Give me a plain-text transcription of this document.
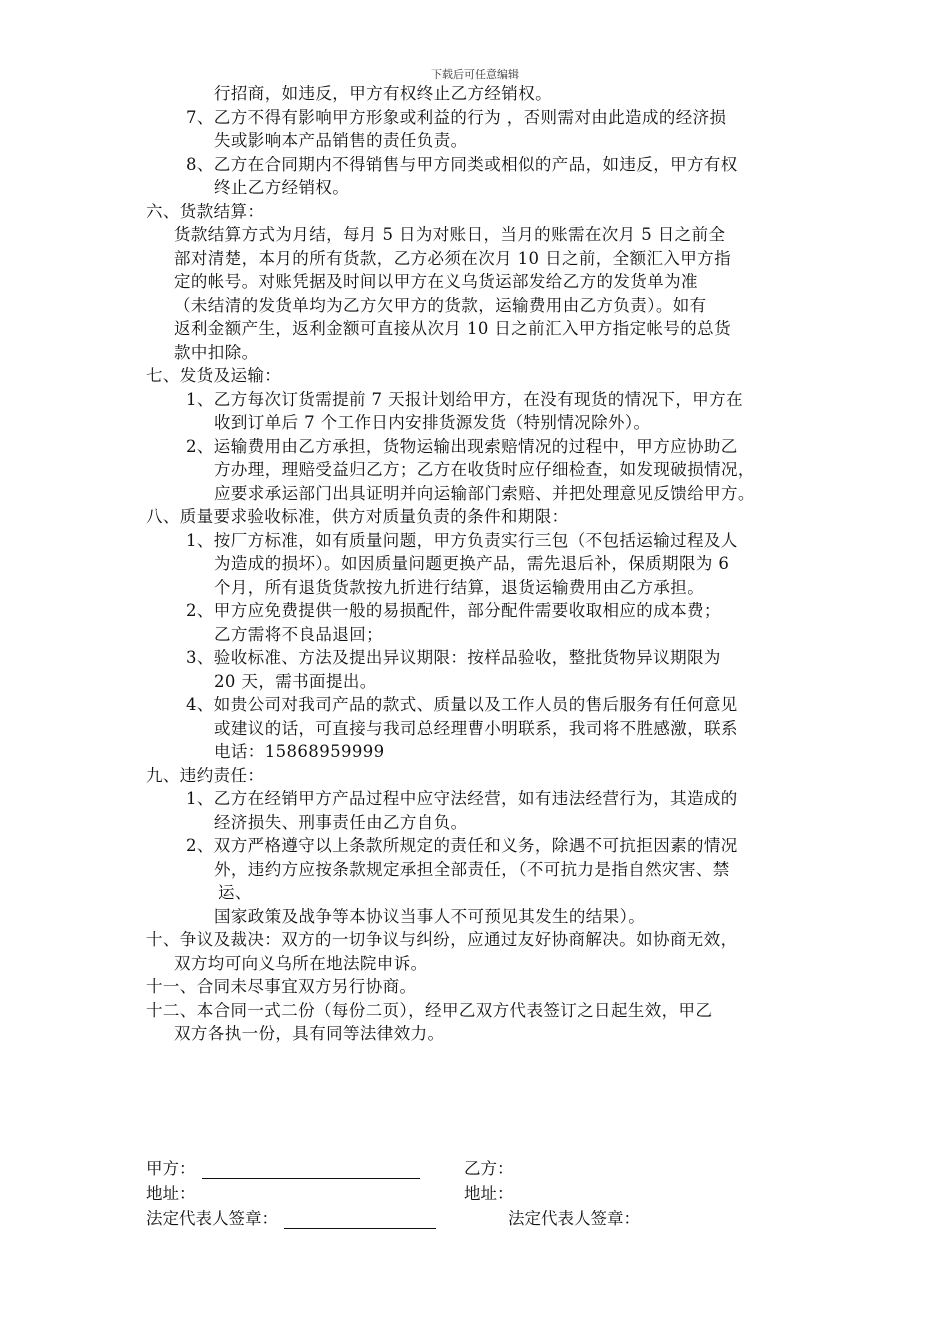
下载后可任意编辑
行招商，如违反，甲方有权终止乙方经销权。
7、乙方不得有影响甲方形象或利益的行为 ，否则需对由此造成的经济损
失或影响本产品销售的责任负责。
8、乙方在合同期内不得销售与甲方同类或相似的产品，如违反，甲方有权
终止乙方经销权。
六、货款结算：
货款结算方式为月结，每月 5 日为对账日，当月的账需在次月 5 日之前全
部对清楚，本月的所有货款，乙方必须在次月 10 日之前，全额汇入甲方指
定的帐号。对账凭据及时间以甲方在义乌货运部发给乙方的发货单为准
（未结清的发货单均为乙方欠甲方的货款，运输费用由乙方负责）。如有
返利金额产生，返利金额可直接从次月 10 日之前汇入甲方指定帐号的总货
款中扣除。
七、发货及运输：
1、乙方每次订货需提前 7 天报计划给甲方，在没有现货的情况下，甲方在
收到订单后 7 个工作日内安排货源发货（特别情况除外）。
2、运输费用由乙方承担，货物运输出现索赔情况的过程中，甲方应协助乙
方办理，理赔受益归乙方；乙方在收货时应仔细检查，如发现破损情况，
应要求承运部门出具证明并向运输部门索赔、并把处理意见反馈给甲方。
八、质量要求验收标准，供方对质量负责的条件和期限：
1、按厂方标准，如有质量问题，甲方负责实行三包（不包括运输过程及人
为造成的损坏）。如因质量问题更换产品，需先退后补，保质期限为 6
个月，所有退货货款按九折进行结算，退货运输费用由乙方承担。
2、甲方应免费提供一般的易损配件，部分配件需要收取相应的成本费；
乙方需将不良品退回；
3、验收标准、方法及提出异议期限：按样品验收，整批货物异议期限为
20 天，需书面提出。
4、如贵公司对我司产品的款式、质量以及工作人员的售后服务有任何意见
或建议的话，可直接与我司总经理曹小明联系，我司将不胜感激，联系
电话：15868959999
九、违约责任：
1、乙方在经销甲方产品过程中应守法经营，如有违法经营行为，其造成的
经济损失、刑事责任由乙方自负。
2、双方严格遵守以上条款所规定的责任和义务，除遇不可抗拒因素的情况
外，违约方应按条款规定承担全部责任，（不可抗力是指自然灾害、禁
运、
国家政策及战争等本协议当事人不可预见其发生的结果）。
十、争议及裁决：双方的一切争议与纠纷，应通过友好协商解决。如协商无效，
双方均可向义乌所在地法院申诉。
十一、合同未尽事宜双方另行协商。
十二、本合同一式二份（每份二页），经甲乙双方代表签订之日起生效，甲乙
双方各执一份，具有同等法律效力。
甲方：	乙方：
地址：	地址：
法定代表人签章：	法定代表人签章：
